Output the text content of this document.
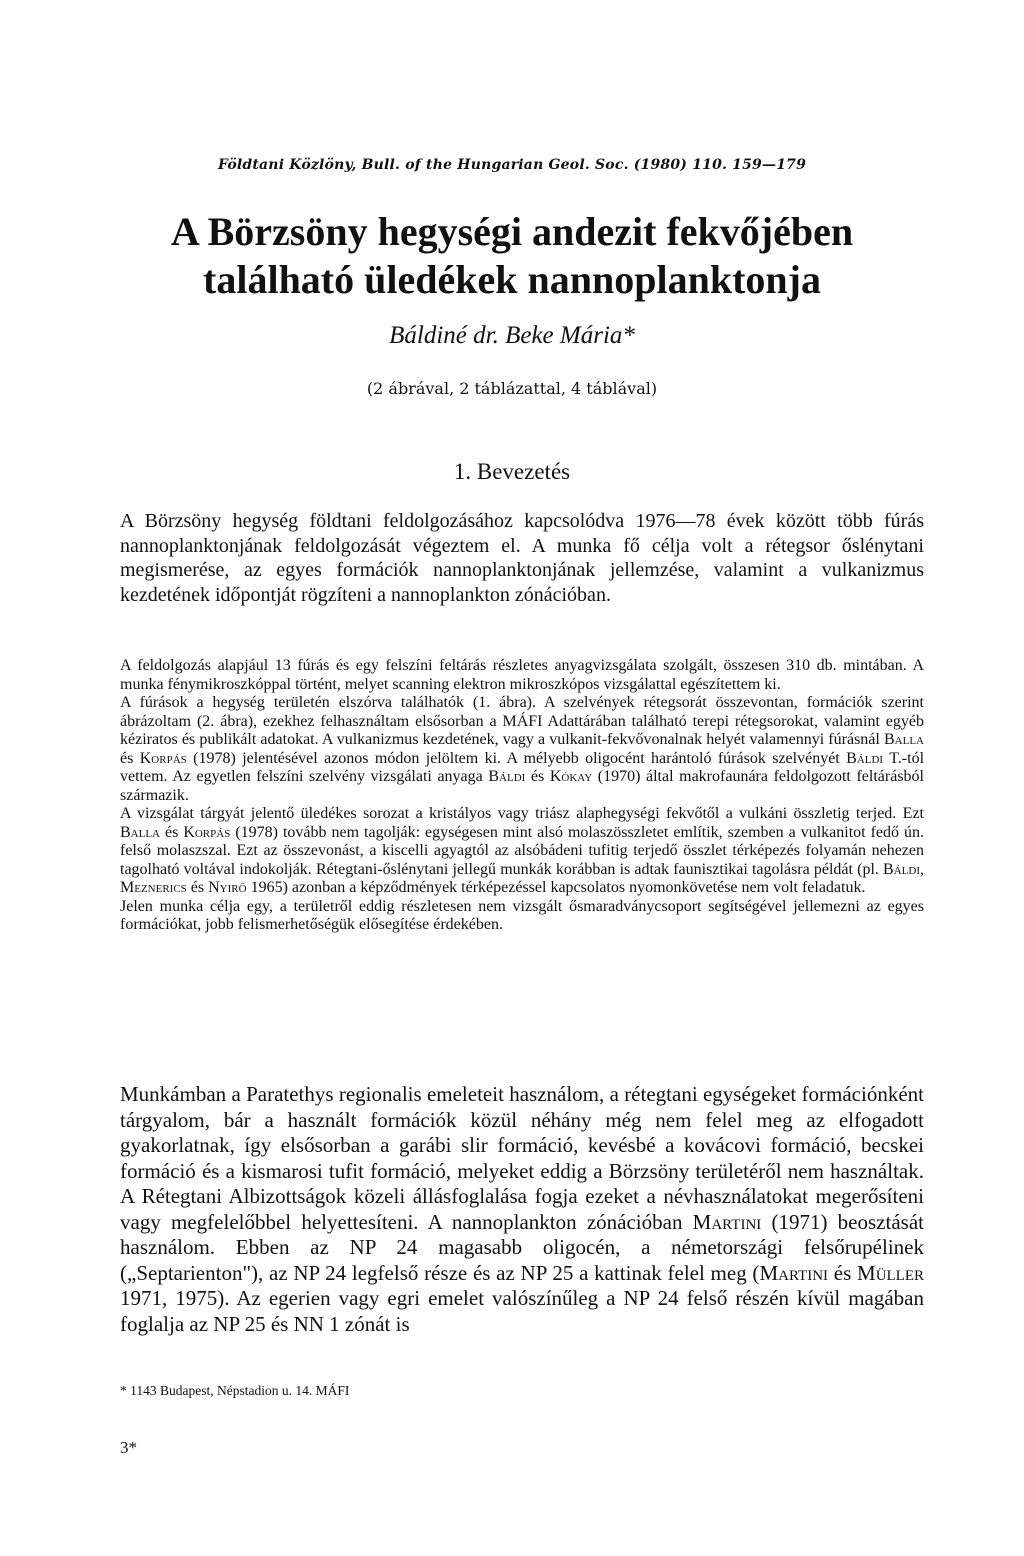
Földtani Közlöny, Bull. of the Hungarian Geol. Soc. (1980) 110. 159—179
A Börzsöny hegységi andezit fekvőjében
található üledékek nannoplanktonja
Báldiné dr. Beke Mária*
(2 ábrával, 2 táblázattal, 4 táblával)
1. Bevezetés

A Börzsöny hegység földtani feldolgozásához kapcsolódva 1976—78 évek között több fúrás nannoplanktonjának feldolgozását végeztem el. A munka fő célja volt a rétegsor őslénytani megismerése, az egyes formációk nannoplanktonjának jellemzése, valamint a vulkanizmus kezdetének időpontját rögzíteni a nannoplankton zónációban.

A feldolgozás alapjául 13 fúrás és egy felszíni feltárás részletes anyagvizsgálata szolgált, összesen 310 db. mintában. A munka fénymikroszkóppal történt, melyet scanning elektron mikroszkópos vizsgálattal egészítettem ki.

A fúrások a hegység területén elszórva találhatók (1. ábra). A szelvények rétegsorát összevontan, formációk szerint ábrázoltam (2. ábra), ezekhez felhasználtam elsősorban a MÁFI Adattárában található terepi rétegsorokat, valamint egyéb kéziratos és publikált adatokat. A vulkanizmus kezdetének, vagy a vulkanit-fekvővonalnak helyét valamennyi fúrásnál Balla és Korpás (1978) jelentésével azonos módon jelöltem ki. A mélyebb oligocént harántoló fúrások szelvényét Báldi T.-tól vettem. Az egyetlen felszíni szelvény vizsgálati anyaga Báldi és Kókay (1970) által makrofaunára feldolgozott feltárásból származik.

A vizsgálat tárgyát jelentő üledékes sorozat a kristályos vagy triász alaphegységi fekvőtől a vulkáni összletig terjed. Ezt Balla és Korpás (1978) tovább nem tagolják: egységesen mint alsó molaszösszletet említik, szemben a vulkanitot fedő ún. felső molaszszal. Ezt az összevonást, a kiscelli agyagtól az alsóbádeni tufitig terjedő összlet térképezés folyamán nehezen tagolható voltával indokolják. Rétegtani-őslénytani jellegű munkák korábban is adtak faunisztikai tagolásra példát (pl. Báldi, Meznerics és Nyirő 1965) azonban a képződmények térképezéssel kapcsolatos nyomonkövetése nem volt feladatuk.

Jelen munka célja egy, a területről eddig részletesen nem vizsgált ősmaradványcsoport segítségével jellemezni az egyes formációkat, jobb felismerhetőségük elősegítése érdekében.

Munkámban a Paratethys regionalis emeleteit használom, a rétegtani egységeket formációnként tárgyalom, bár a használt formációk közül néhány még nem felel meg az elfogadott gyakorlatnak, így elsősorban a garábi slir formáció, kevésbé a kovácovi formáció, becskei formáció és a kismarosi tufit formáció, melyeket eddig a Börzsöny területéről nem használtak. A Rétegtani Albizottságok közeli állásfoglalása fogja ezeket a névhasználatokat megerősíteni vagy megfelelőbbel helyettesíteni. A nannoplankton zónációban Martini (1971) beosztását használom. Ebben az NP 24 magasabb oligocén, a németországi felsőrupélinek („Septarienton"), az NP 24 legfelső része és az NP 25 a kattinak felel meg (Martini és Müller 1971, 1975). Az egerien vagy egri emelet valószínűleg a NP 24 felső részén kívül magában foglalja az NP 25 és NN 1 zónát is

* 1143 Budapest, Népstadion u. 14. MÁFI
3*
